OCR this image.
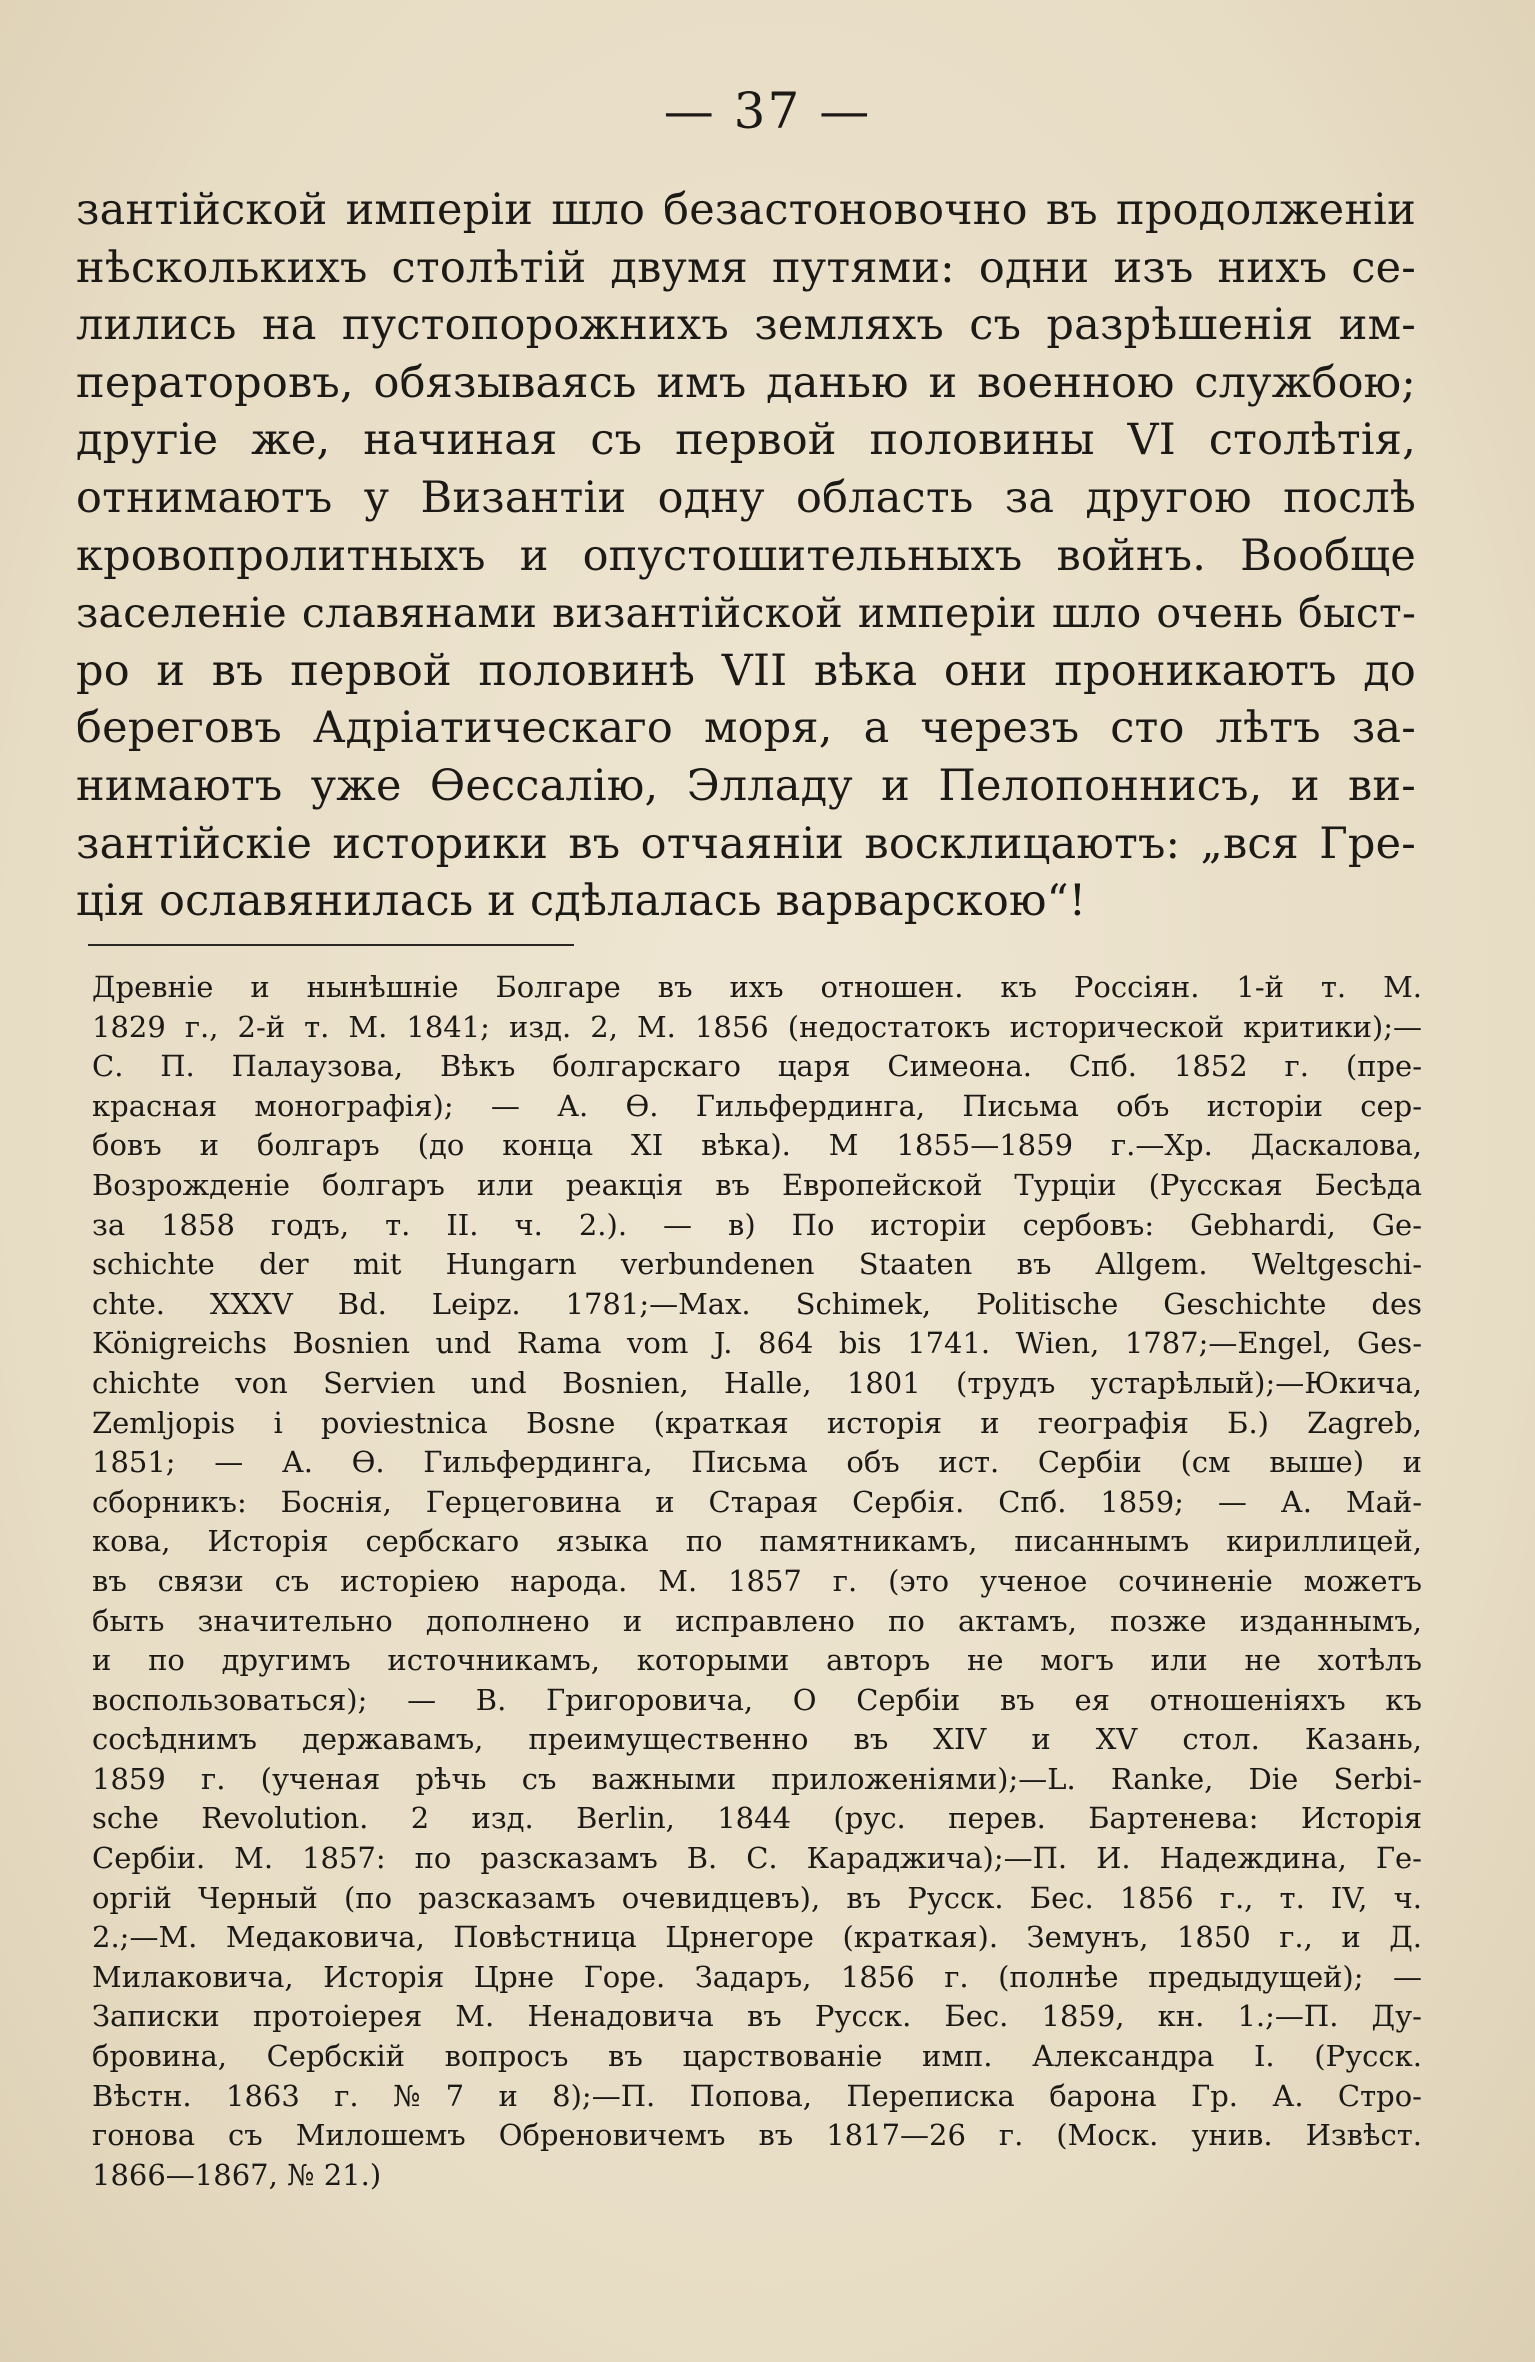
— 37 —
зантійской имперіи шло безастоновочно въ продолженіи
нѣсколькихъ столѣтій двумя путями: одни изъ нихъ се-
лились на пустопорожнихъ земляхъ съ разрѣшенія им-
ператоровъ, обязываясь имъ данью и военною службою;
другіе же, начиная съ первой половины VI столѣтія,
отнимаютъ у Византіи одну область за другою послѣ
кровопролитныхъ и опустошительныхъ войнъ. Вообще
заселеніе славянами византійской имперіи шло очень быст-
ро и въ первой половинѣ VII вѣка они проникаютъ до
береговъ Адріатическаго моря, а черезъ сто лѣтъ за-
нимаютъ уже Өессалію, Элладу и Пелопоннисъ, и ви-
зантійскіе историки въ отчаяніи восклицаютъ: „вся Гре-
ція ославянилась и сдѣлалась варварскою“!
Древніе и нынѣшніе Болгаре въ ихъ отношен. къ Россіян. 1-й т. М.
1829 г., 2-й т. М. 1841; изд. 2, М. 1856 (недостатокъ исторической критики);—
С. П. Палаузова, Вѣкъ болгарскаго царя Симеона. Спб. 1852 г. (пре-
красная монографія); — А. Ө. Гильфердинга, Письма объ исторіи сер-
бовъ и болгаръ (до конца XI вѣка). М 1855—1859 г.—Хр. Даскалова,
Возрожденіе болгаръ или реакція въ Европейской Турціи (Русская Бесѣда
за 1858 годъ, т. II. ч. 2.). — в) По исторіи сербовъ: Gebhardi, Ge-
schichte der mit Hungarn verbundenen Staaten въ Allgem. Weltgeschi-
chte. XXXV Bd. Leipz. 1781;—Max. Schimek, Politische Geschichte des
Königreichs Bosnien und Rama vom J. 864 bis 1741. Wien, 1787;—Engel, Ges-
chichte von Servien und Bosnien, Halle, 1801 (трудъ устарѣлый);—Юкича,
Zemljopis i poviestnica Bosne (краткая исторія и географія Б.) Zagreb,
1851; — А. Ө. Гильфердинга, Письма объ ист. Сербіи (см выше) и
сборникъ: Боснія, Герцеговина и Старая Сербія. Спб. 1859; — А. Май-
кова, Исторія сербскаго языка по памятникамъ, писаннымъ кириллицей,
въ связи съ исторіею народа. М. 1857 г. (это ученое сочиненіе можетъ
быть значительно дополнено и исправлено по актамъ, позже изданнымъ,
и по другимъ источникамъ, которыми авторъ не могъ или не хотѣлъ
воспользоваться); — В. Григоровича, О Сербіи въ ея отношеніяхъ къ
сосѣднимъ державамъ, преимущественно въ XIV и XV стол. Казань,
1859 г. (ученая рѣчь съ важными приложеніями);—L. Ranke, Die Serbi-
sche Revolution. 2 изд. Berlin, 1844 (рус. перев. Бартенева: Исторія
Сербіи. М. 1857: по разсказамъ В. С. Караджича);—П. И. Надеждина, Ге-
оргій Черный (по разсказамъ очевидцевъ), въ Русск. Бес. 1856 г., т. IV, ч.
2.;—М. Медаковича, Повѣстница Црнегоре (краткая). Земунъ, 1850 г., и Д.
Милаковича, Исторія Црне Горе. Задаръ, 1856 г. (полнѣе предыдущей); —
Записки протоіерея М. Ненадовича въ Русск. Бес. 1859, кн. 1.;—П. Ду-
бровина, Сербскій вопросъ въ царствованіе имп. Александра I. (Русск.
Вѣстн. 1863 г. №7 и 8);—П. Попова, Переписка барона Гр. А. Стро-
гонова съ Милошемъ Обреновичемъ въ 1817—26 г. (Моск. унив. Извѣст.
1866—1867, № 21.)
